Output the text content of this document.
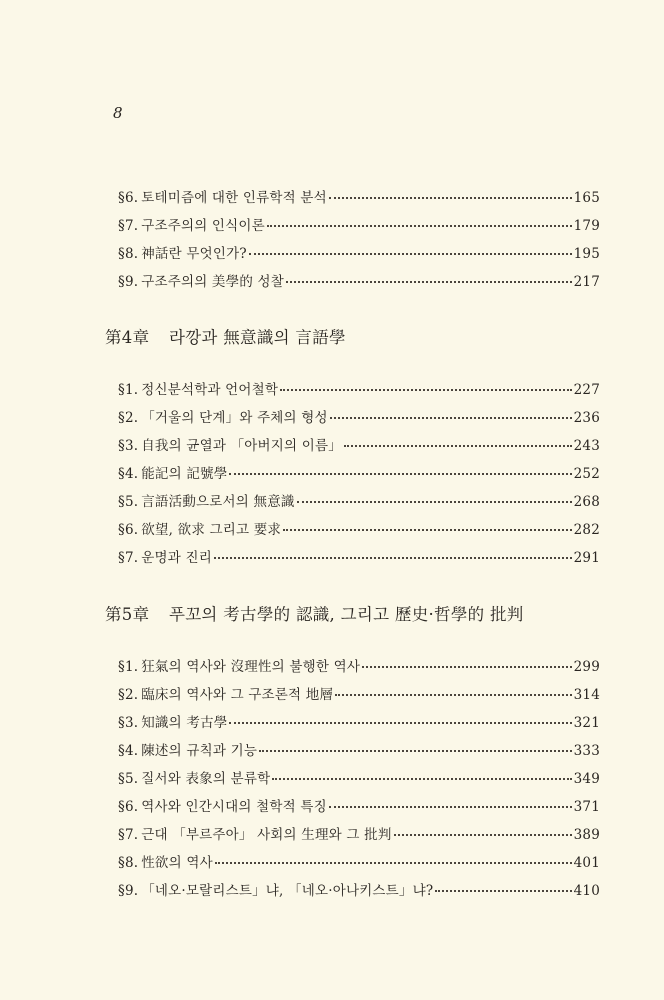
8
§6. 토테미즘에 대한 인류학적 분석	165
§7. 구조주의의 인식이론	179
§8. 神話란 무엇인가?	195
§9. 구조주의의 美學的 성찰	217
第4章 라깡과 無意識의 言語學
§1. 정신분석학과 언어철학	227
§2. 「거울의 단계」와 주체의 형성	236
§3. 自我의 균열과 「아버지의 이름」	243
§4. 能記의 記號學	252
§5. 言語活動으로서의 無意識	268
§6. 欲望, 欲求 그리고 要求	282
§7. 운명과 진리	291
第5章 푸꼬의 考古學的 認識, 그리고 歷史·哲學的 批判
§1. 狂氣의 역사와 沒理性의 불행한 역사	299
§2. 臨床의 역사와 그 구조론적 地層	314
§3. 知識의 考古學	321
§4. 陳述의 규칙과 기능	333
§5. 질서와 表象의 분류학	349
§6. 역사와 인간시대의 철학적 특징	371
§7. 근대 「부르주아」 사회의 生理와 그 批判	389
§8. 性欲의 역사	401
§9. 「네오·모랄리스트」냐, 「네오·아나키스트」냐?	410
